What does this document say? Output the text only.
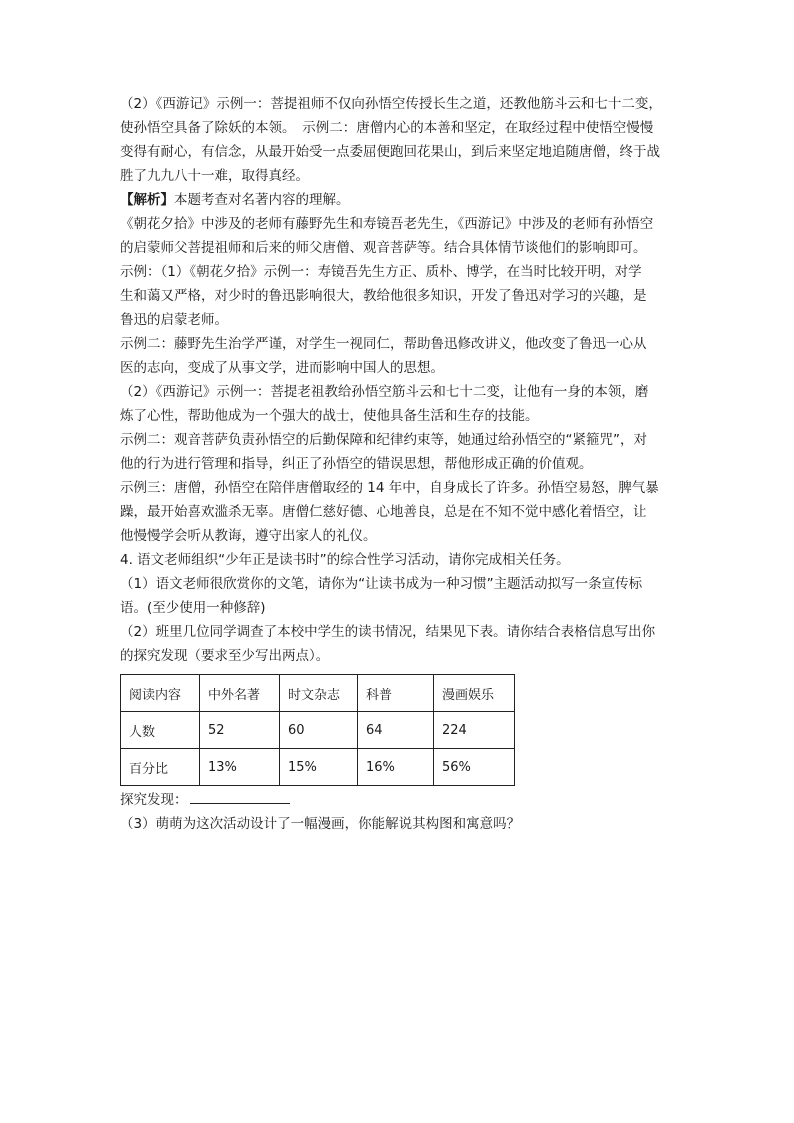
（2）《西游记》示例一：菩提祖师不仅向孙悟空传授长生之道，还教他筋斗云和七十二变，
使孙悟空具备了除妖的本领。　示例二：唐僧内心的本善和坚定，在取经过程中使悟空慢慢
变得有耐心，有信念，从最开始受一点委屈便跑回花果山，到后来坚定地追随唐僧，终于战
胜了九九八十一难，取得真经。
【解析】本题考查对名著内容的理解。
《朝花夕拾》中涉及的老师有藤野先生和寿镜吾老先生，《西游记》中涉及的老师有孙悟空
的启蒙师父菩提祖师和后来的师父唐僧、观音菩萨等。结合具体情节谈他们的影响即可。
示例：（1）《朝花夕拾》示例一：寿镜吾先生方正、质朴、博学，在当时比较开明，对学
生和蔼又严格，对少时的鲁迅影响很大，教给他很多知识，开发了鲁迅对学习的兴趣，是
鲁迅的启蒙老师。
示例二：藤野先生治学严谨，对学生一视同仁，帮助鲁迅修改讲义，他改变了鲁迅一心从
医的志向，变成了从事文学，进而影响中国人的思想。
（2）《西游记》示例一：菩提老祖教给孙悟空筋斗云和七十二变，让他有一身的本领，磨
炼了心性，帮助他成为一个强大的战士，使他具备生活和生存的技能。
示例二：观音菩萨负责孙悟空的后勤保障和纪律约束等，她通过给孙悟空的“紧箍咒”，对
他的行为进行管理和指导，纠正了孙悟空的错误思想，帮他形成正确的价值观。
示例三：唐僧，孙悟空在陪伴唐僧取经的 14 年中，自身成长了许多。孙悟空易怒，脾气暴
躁，最开始喜欢滥杀无辜。唐僧仁慈好德、心地善良，总是在不知不觉中感化着悟空，让
他慢慢学会听从教诲，遵守出家人的礼仪。
4. 语文老师组织“少年正是读书时”的综合性学习活动，请你完成相关任务。
（1）语文老师很欣赏你的文笔，请你为“让读书成为一种习惯”主题活动拟写一条宣传标
语。(至少使用一种修辞)
（2）班里几位同学调查了本校中学生的读书情况，结果见下表。请你结合表格信息写出你
的探究发现（要求至少写出两点）。
阅读内容	中外名著	时文杂志	科普	漫画娱乐
人数	52	60	64	224
百分比	13%	15%	16%	56%
探究发现：
（3）萌萌为这次活动设计了一幅漫画，你能解说其构图和寓意吗？
